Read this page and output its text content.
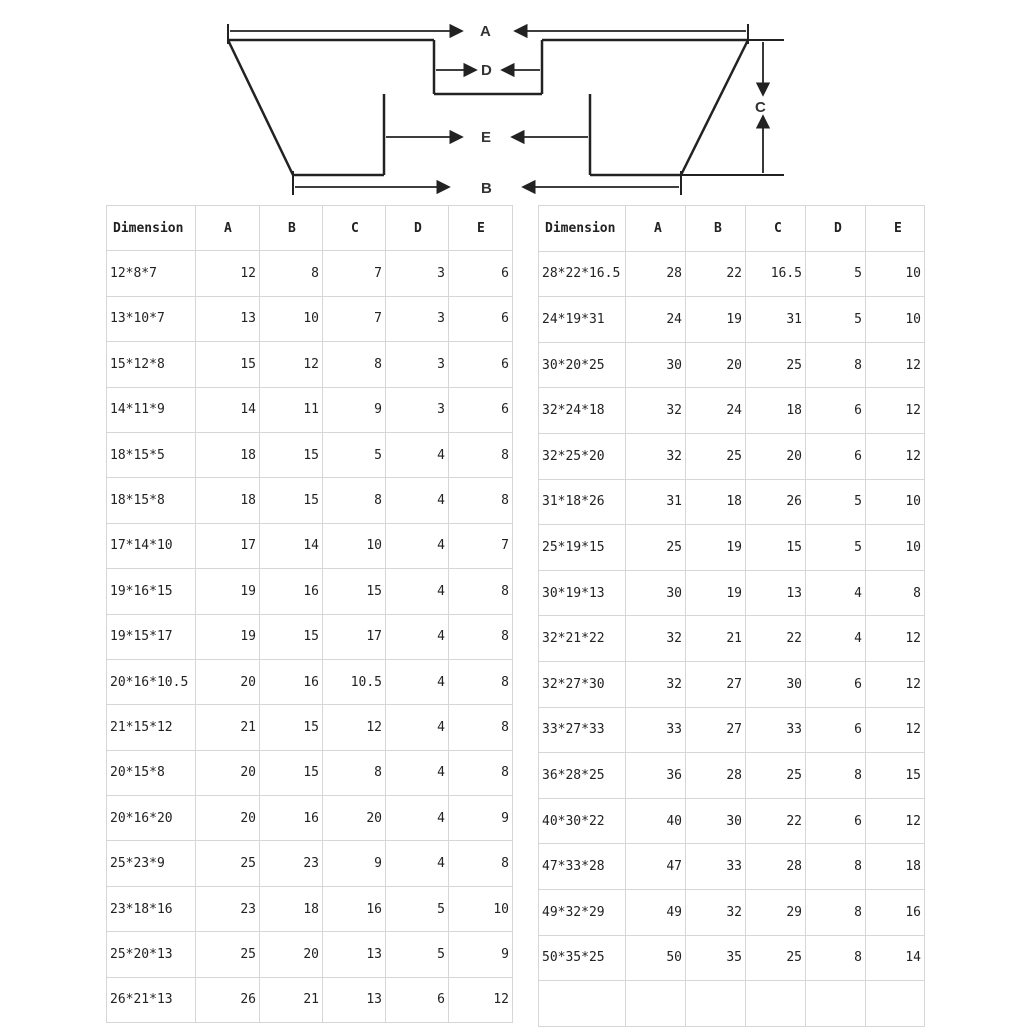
A
D
C
E
B
Dimension	A	B	C	D	E
12*8*7	12	8	7	3	6
13*10*7	13	10	7	3	6
15*12*8	15	12	8	3	6
14*11*9	14	11	9	3	6
18*15*5	18	15	5	4	8
18*15*8	18	15	8	4	8
17*14*10	17	14	10	4	7
19*16*15	19	16	15	4	8
19*15*17	19	15	17	4	8
20*16*10.5	20	16	10.5	4	8
21*15*12	21	15	12	4	8
20*15*8	20	15	8	4	8
20*16*20	20	16	20	4	9
25*23*9	25	23	9	4	8
23*18*16	23	18	16	5	10
25*20*13	25	20	13	5	9
26*21*13	26	21	13	6	12
Dimension	A	B	C	D	E
28*22*16.5	28	22	16.5	5	10
24*19*31	24	19	31	5	10
30*20*25	30	20	25	8	12
32*24*18	32	24	18	6	12
32*25*20	32	25	20	6	12
31*18*26	31	18	26	5	10
25*19*15	25	19	15	5	10
30*19*13	30	19	13	4	8
32*21*22	32	21	22	4	12
32*27*30	32	27	30	6	12
33*27*33	33	27	33	6	12
36*28*25	36	28	25	8	15
40*30*22	40	30	22	6	12
47*33*28	47	33	28	8	18
49*32*29	49	32	29	8	16
50*35*25	50	35	25	8	14
